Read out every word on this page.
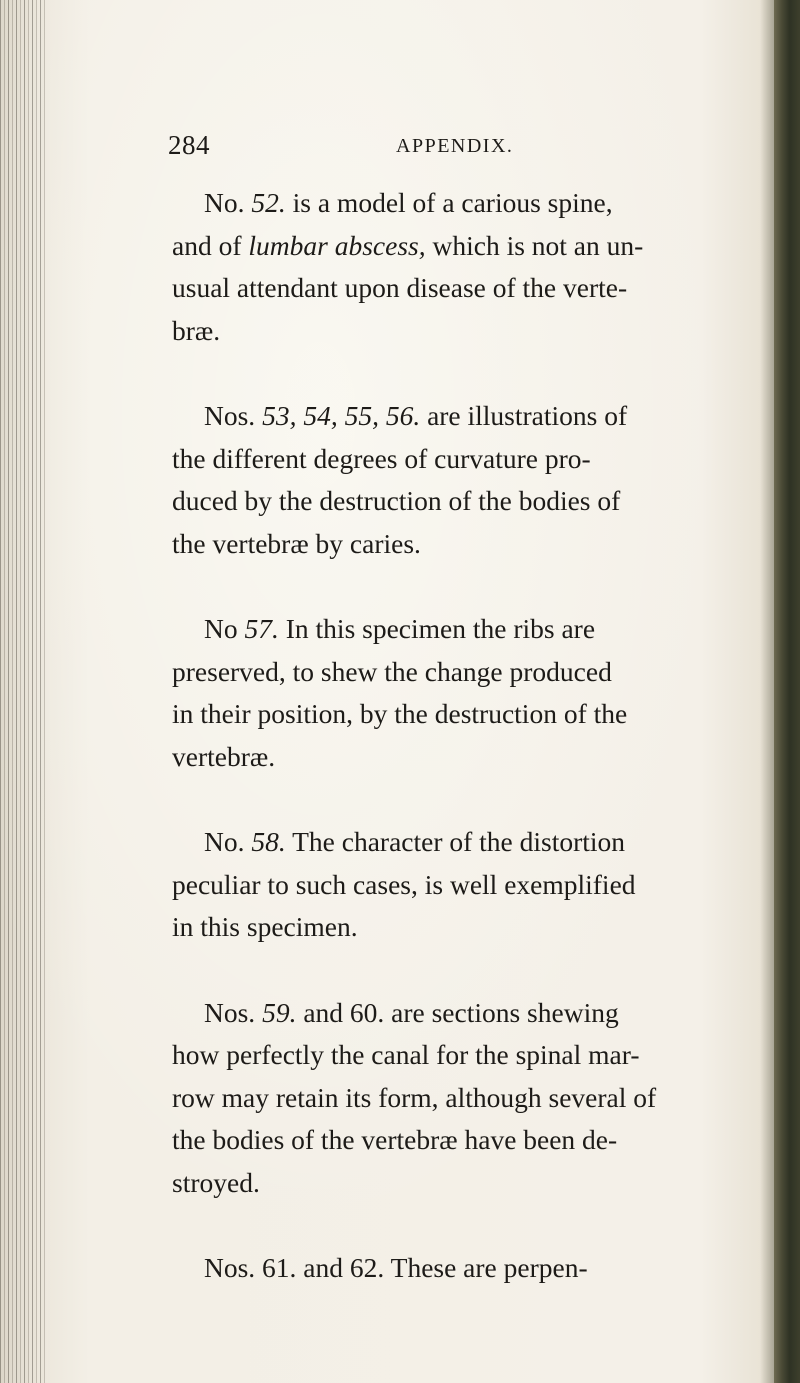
284	APPENDIX.
No. 52. is a model of a carious spine,
and of lumbar abscess, which is not an un-
usual attendant upon disease of the verte-
bræ.
Nos. 53, 54, 55, 56. are illustrations of
the different degrees of curvature pro-
duced by the destruction of the bodies of
the vertebræ by caries.
No 57. In this specimen the ribs are
preserved, to shew the change produced
in their position, by the destruction of the
vertebræ.
No. 58. The character of the distortion
peculiar to such cases, is well exemplified
in this specimen.
Nos. 59. and 60. are sections shewing
how perfectly the canal for the spinal mar-
row may retain its form, although several of
the bodies of the vertebræ have been de-
stroyed.
Nos. 61. and 62. These are perpen-
